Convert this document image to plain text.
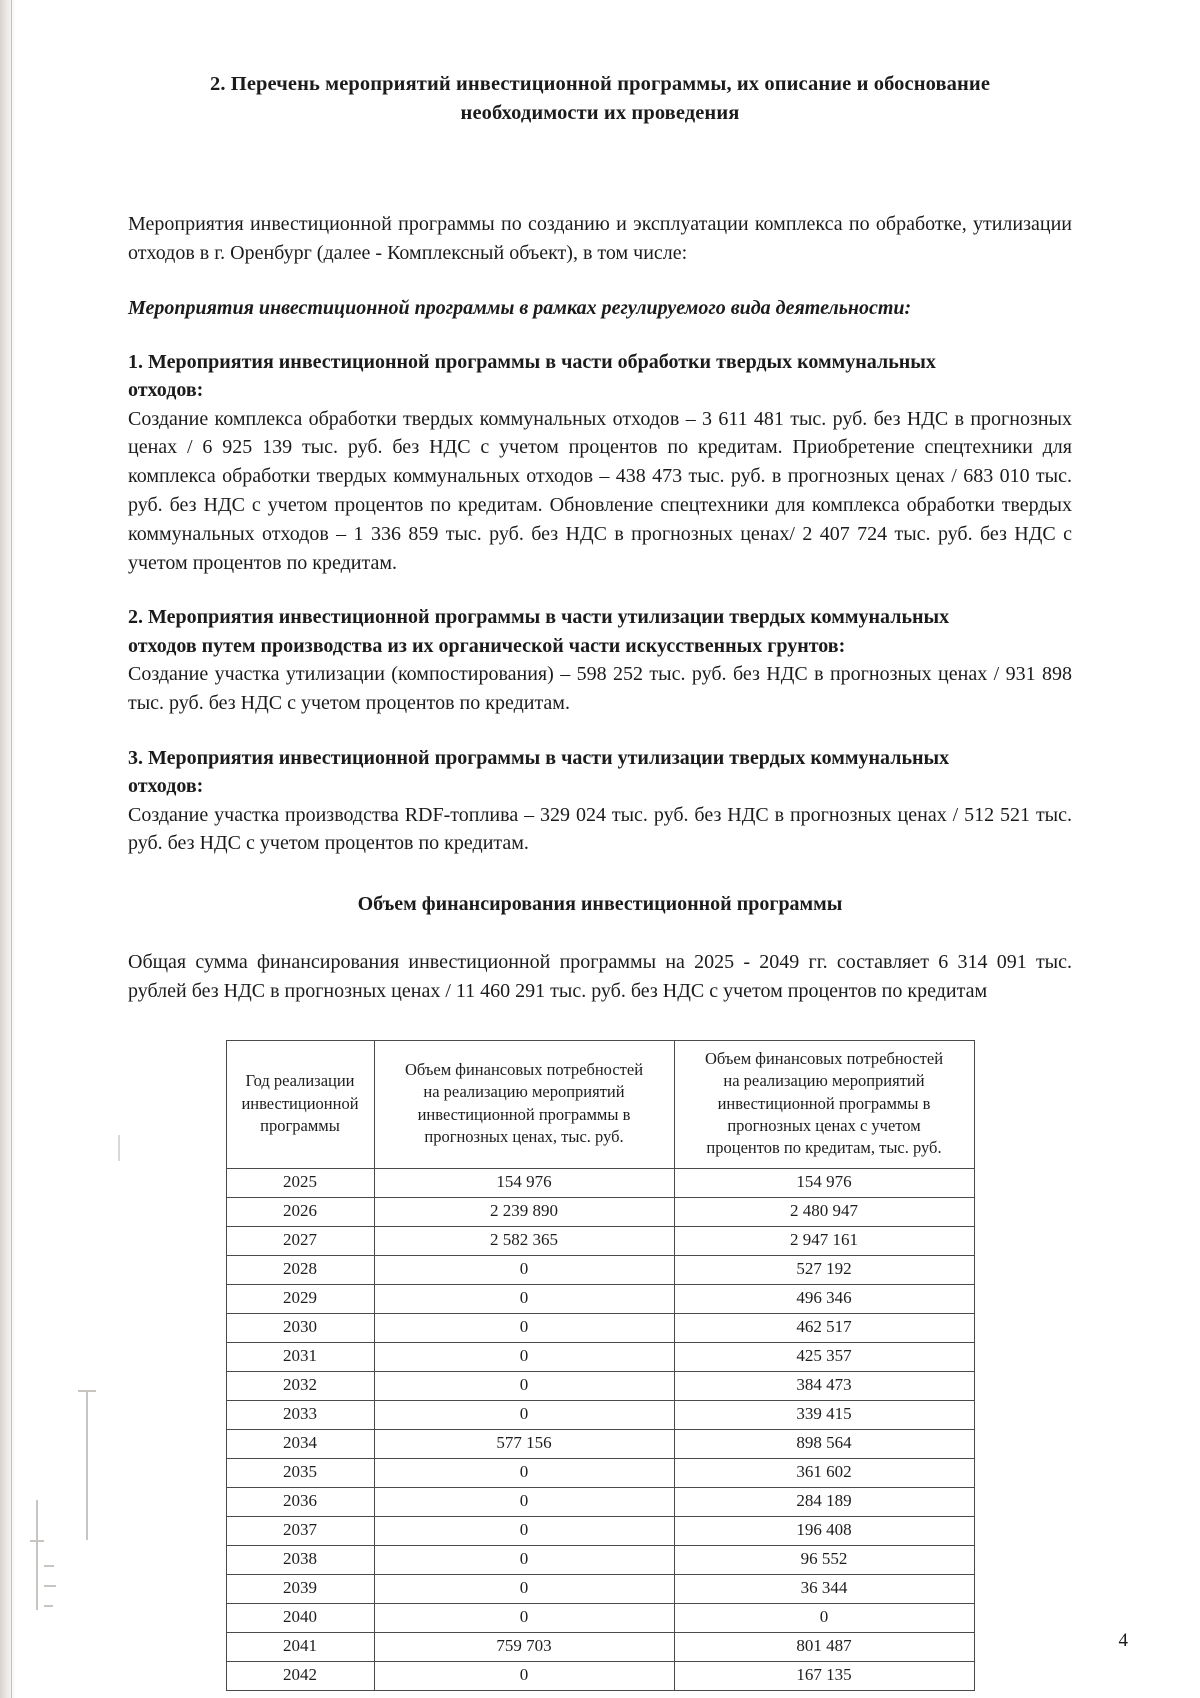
2. Перечень мероприятий инвестиционной программы, их описание и обоснование
необходимости их проведения

Мероприятия инвестиционной программы по созданию и эксплуатации комплекса по обработке, утилизации отходов в г. Оренбург (далее - Комплексный объект), в том числе:

Мероприятия инвестиционной программы в рамках регулируемого вида деятельности:

1. Мероприятия инвестиционной программы в части обработки твердых коммунальных
отходов:

Создание комплекса обработки твердых коммунальных отходов – 3 611 481 тыс. руб. без НДС в прогнозных ценах / 6 925 139 тыс. руб. без НДС с учетом процентов по кредитам. Приобретение спецтехники для комплекса обработки твердых коммунальных отходов – 438 473 тыс. руб. в прогнозных ценах / 683 010 тыс. руб. без НДС с учетом процентов по кредитам. Обновление спецтехники для комплекса обработки твердых коммунальных отходов – 1 336 859 тыс. руб. без НДС в прогнозных ценах/ 2 407 724 тыс. руб. без НДС с учетом процентов по кредитам.

2. Мероприятия инвестиционной программы в части утилизации твердых коммунальных
отходов путем производства из их органической части искусственных грунтов:

Создание участка утилизации (компостирования) – 598 252 тыс. руб. без НДС в прогнозных ценах / 931 898 тыс. руб. без НДС с учетом процентов по кредитам.

3. Мероприятия инвестиционной программы в части утилизации твердых коммунальных
отходов:

Создание участка производства RDF-топлива – 329 024 тыс. руб. без НДС в прогнозных ценах / 512 521 тыс. руб. без НДС с учетом процентов по кредитам.

Объем финансирования инвестиционной программы

Общая сумма финансирования инвестиционной программы на 2025 - 2049 гг. составляет 6 314 091 тыс. рублей без НДС в прогнозных ценах / 11 460 291 тыс. руб. без НДС с учетом процентов по кредитам

Год реализации
инвестиционной
программы

Объем финансовых потребностей
на реализацию мероприятий
инвестиционной программы в
прогнозных ценах, тыс. руб.

Объем финансовых потребностей
на реализацию мероприятий
инвестиционной программы в
прогнозных ценах с учетом
процентов по кредитам, тыс. руб.

2025	154 976	154 976
2026	2 239 890	2 480 947
2027	2 582 365	2 947 161
2028	0	527 192
2029	0	496 346
2030	0	462 517
2031	0	425 357
2032	0	384 473
2033	0	339 415
2034	577 156	898 564
2035	0	361 602
2036	0	284 189
2037	0	196 408
2038	0	96 552
2039	0	36 344
2040	0	0
2041	759 703	801 487
2042	0	167 135
4
